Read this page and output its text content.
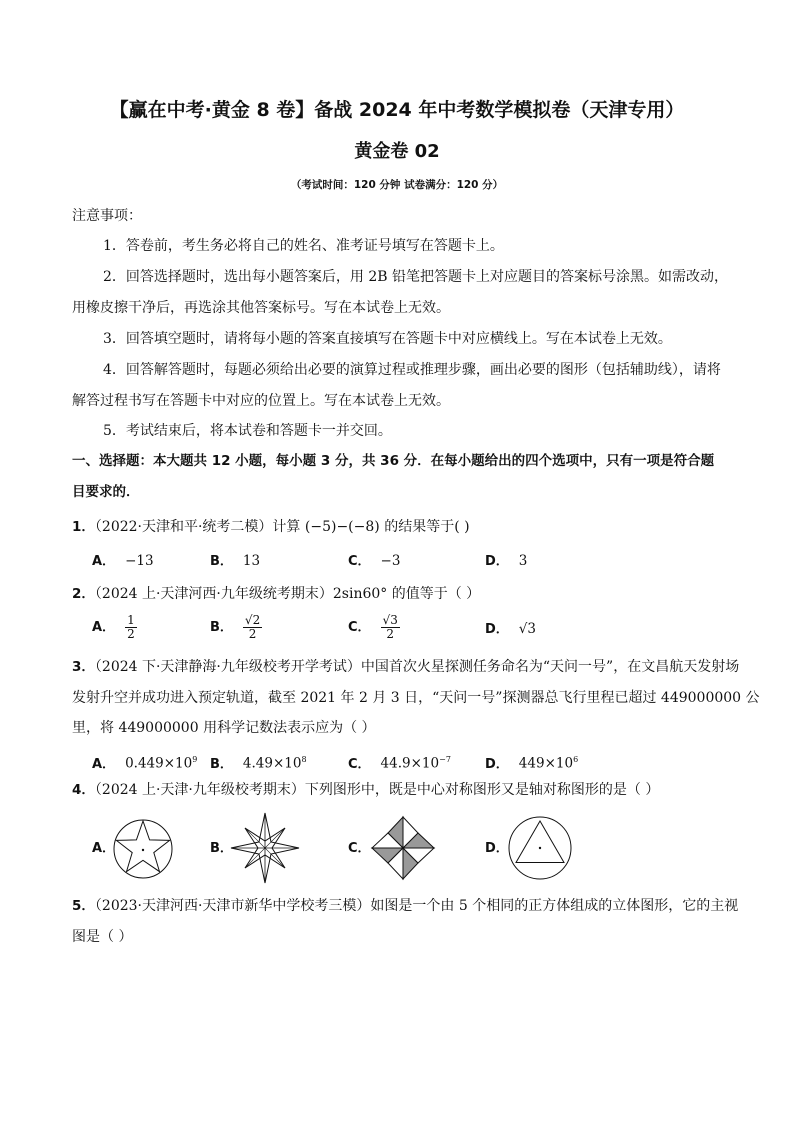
【赢在中考·黄金 8 卷】备战 2024 年中考数学模拟卷（天津专用）
黄金卷 02
（考试时间：120 分钟 试卷满分：120 分）
注意事项：
1．答卷前，考生务必将自己的姓名、准考证号填写在答题卡上。
2．回答选择题时，选出每小题答案后，用 2B 铅笔把答题卡上对应题目的答案标号涂黑。如需改动，
用橡皮擦干净后，再选涂其他答案标号。写在本试卷上无效。
3．回答填空题时，请将每小题的答案直接填写在答题卡中对应横线上。写在本试卷上无效。
4．回答解答题时，每题必须给出必要的演算过程或推理步骤，画出必要的图形（包括辅助线），请将
解答过程书写在答题卡中对应的位置上。写在本试卷上无效。
5．考试结束后，将本试卷和答题卡一并交回。
一、选择题：本大题共 12 小题，每小题 3 分，共 36 分．在每小题给出的四个选项中，只有一项是符合题
目要求的．
1．（2022·天津和平·统考二模）计算 (−5)−(−8) 的结果等于( )
A． −13	B． 13	C． −3	D． 3
2．（2024 上·天津河西·九年级统考期末）2sin60° 的值等于（ ）
A． $\frac{1}{2}$	B． $\frac{√2}{2}$	C． $\frac{√3}{2}$	D． √3
3．（2024 下·天津静海·九年级校考开学考试）中国首次火星探测任务命名为“天问一号”，在文昌航天发射场
发射升空并成功进入预定轨道，截至 2021 年 2 月 3 日，“天问一号”探测器总飞行里程已超过 449000000 公
里，将 449000000 用科学记数法表示应为（ ）
A． $0.449\times 10^9$ B． $4.49\times 10^8$	C． $44.9\times 10^{-7}$	D． $449\times 10^6$
4．（2024 上·天津·九年级校考期末）下列图形中，既是中心对称图形又是轴对称图形的是（ ）
A．	B．	C．	D．
5．（2023·天津河西·天津市新华中学校考三模）如图是一个由 5 个相同的正方体组成的立体图形，它的主视
图是（ ）
